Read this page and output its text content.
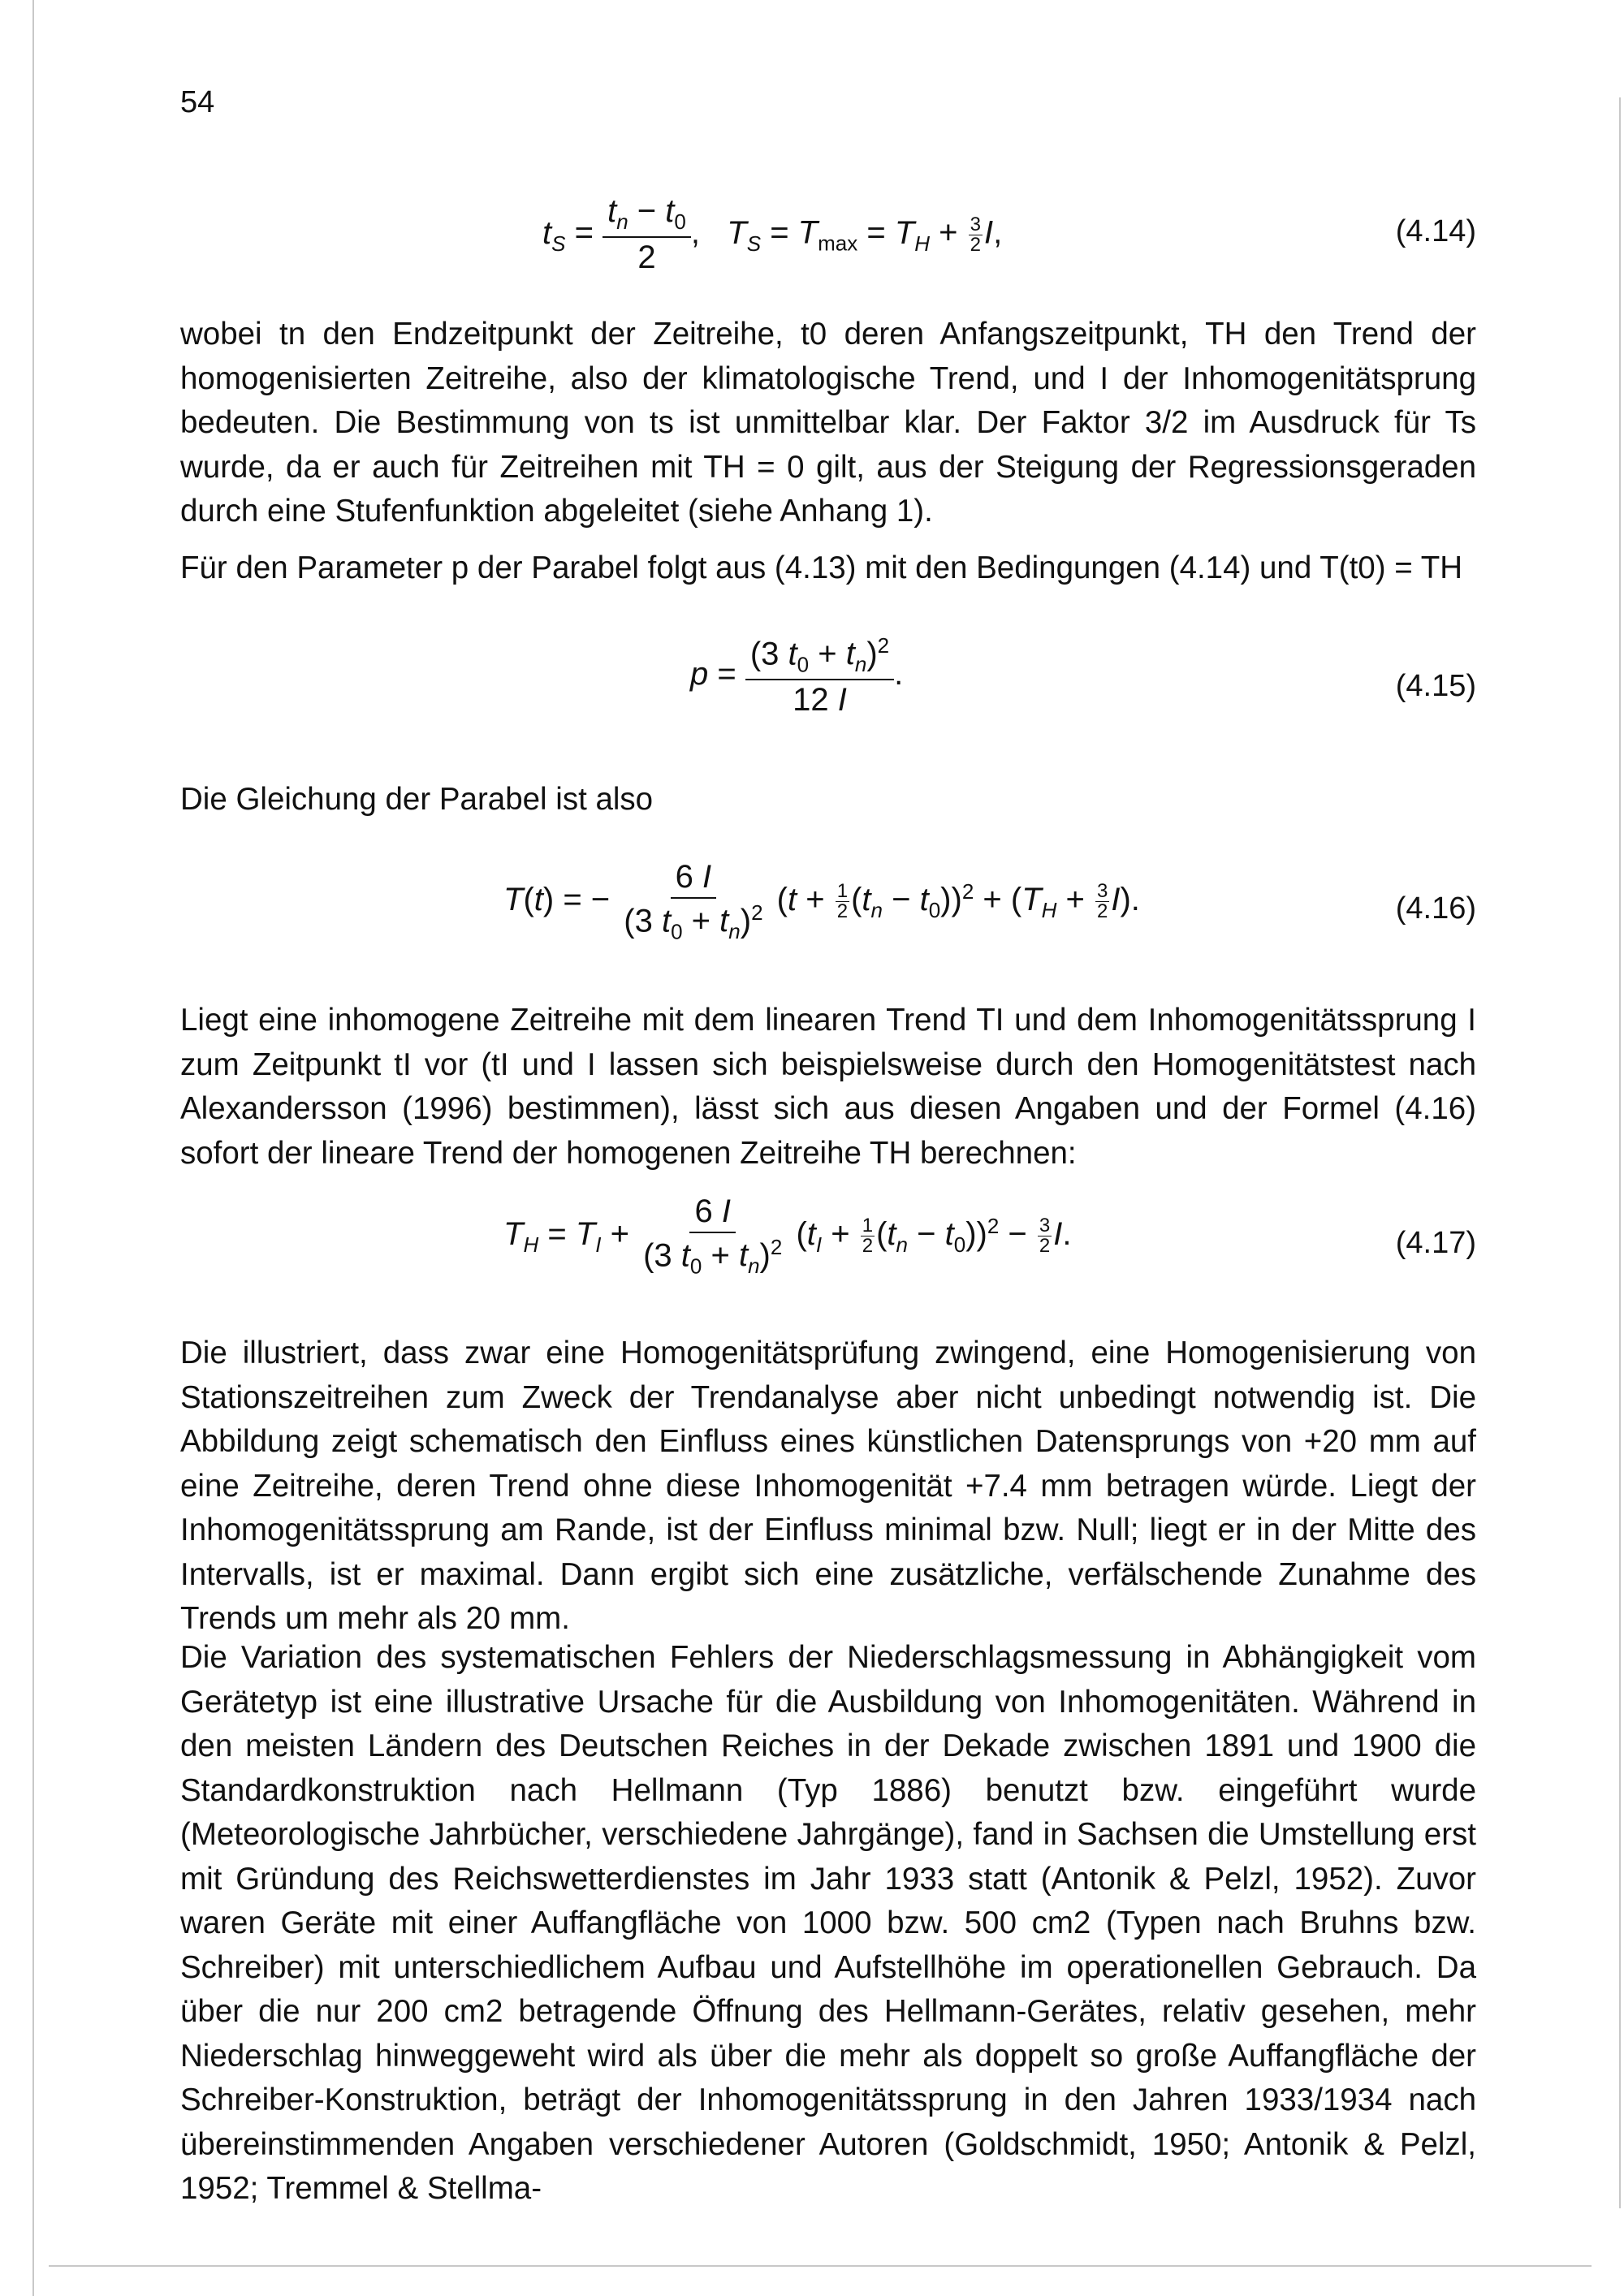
54
$t_S = \frac{t_n - t_0}{2}$ ,   $T_S = T_{max} = T_H + \frac{3}{2} I$,	(4.14)

wobei tn den Endzeitpunkt der Zeitreihe, t0 deren Anfangszeitpunkt, TH den Trend der homogenisierten Zeitreihe, also der klimatologische Trend, und I der Inhomogenitätsprung bedeuten. Die Bestimmung von ts ist unmittelbar klar. Der Faktor 3/2 im Ausdruck für Ts wurde, da er auch für Zeitreihen mit TH = 0 gilt, aus der Steigung der Regressionsgeraden durch eine Stufenfunktion abgeleitet (siehe Anhang 1).

Für den Parameter p der Parabel folgt aus (4.13) mit den Bedingungen (4.14) und T(t0) = TH

$p = \frac{(3 t_0 + t_n)^2}{12 I}$ .	(4.15)

Die Gleichung der Parabel ist also

T(t) = − $\frac{6 I}{(3 t_0 + t_n)^2} (t + \frac{1}{2} (t_n - t_0))^2 + (T_H + \frac{3}{2} I)$.	(4.16)

Liegt eine inhomogene Zeitreihe mit dem linearen Trend TI und dem Inhomogenitätssprung I zum Zeitpunkt tI vor (tI und I lassen sich beispielsweise durch den Homogenitätstest nach Alexandersson (1996) bestimmen), lässt sich aus diesen Angaben und der Formel (4.16) sofort der lineare Trend der homogenen Zeitreihe TH berechnen:

$T_H = T_I + \frac{6 I}{(3 t_0 + t_n)^2} (t_I + \frac{1}{2} (t_n - t_0))^2 - \frac{3}{2} I$.	(4.17)

Die illustriert, dass zwar eine Homogenitätsprüfung zwingend, eine Homogenisierung von Stationszeitreihen zum Zweck der Trendanalyse aber nicht unbedingt notwendig ist. Die Abbildung zeigt schematisch den Einfluss eines künstlichen Datensprungs von +20 mm auf eine Zeitreihe, deren Trend ohne diese Inhomogenität +7.4 mm betragen würde. Liegt der Inhomogenitätssprung am Rande, ist der Einfluss minimal bzw. Null; liegt er in der Mitte des Intervalls, ist er maximal. Dann ergibt sich eine zusätzliche, verfälschende Zunahme des Trends um mehr als 20 mm.

Die Variation des systematischen Fehlers der Niederschlagsmessung in Abhängigkeit vom Gerätetyp ist eine illustrative Ursache für die Ausbildung von Inhomogenitäten. Während in den meisten Ländern des Deutschen Reiches in der Dekade zwischen 1891 und 1900 die Standardkonstruktion nach Hellmann (Typ 1886) benutzt bzw. eingeführt wurde (Meteorologische Jahrbücher, verschiedene Jahrgänge), fand in Sachsen die Umstellung erst mit Gründung des Reichswetterdienstes im Jahr 1933 statt (Antonik & Pelzl, 1952). Zuvor waren Geräte mit einer Auffangfläche von 1000 bzw. 500 cm2 (Typen nach Bruhns bzw. Schreiber) mit unterschiedlichem Aufbau und Aufstellhöhe im operationellen Gebrauch. Da über die nur 200 cm2 betragende Öffnung des Hellmann-Gerätes, relativ gesehen, mehr Niederschlag hinweggeweht wird als über die mehr als doppelt so große Auffangfläche der Schreiber-Konstruktion, beträgt der Inhomogenitätssprung in den Jahren 1933/1934 nach übereinstimmenden Angaben verschiedener Autoren (Goldschmidt, 1950; Antonik & Pelzl, 1952; Tremmel & Stellma-
